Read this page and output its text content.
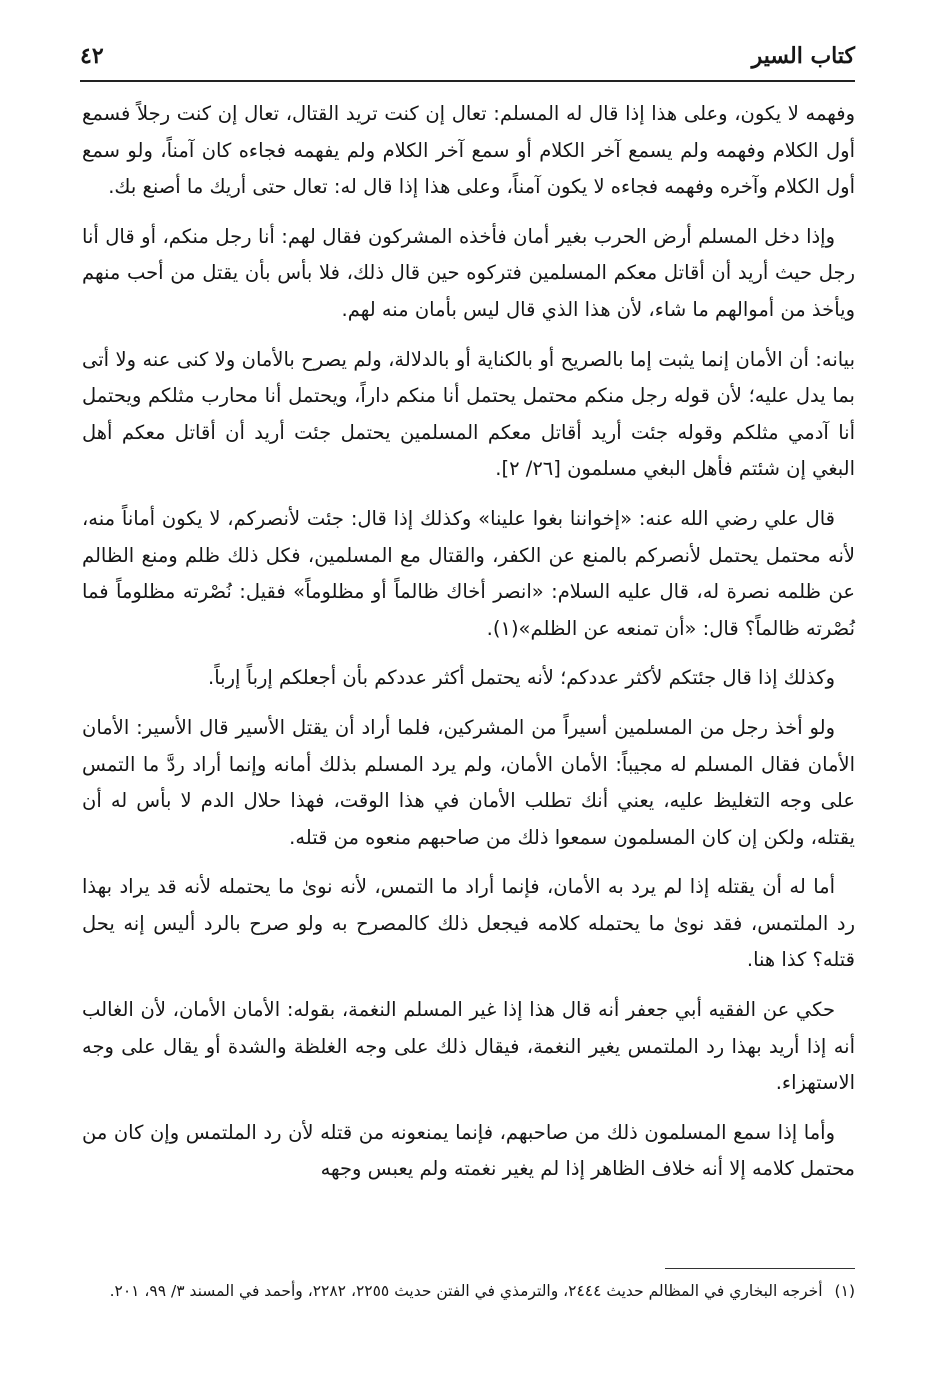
كتاب السير
٤٢

وفهمه لا يكون، وعلى هذا إذا قال له المسلم: تعال إن كنت تريد القتال، تعال إن كنت رجلاً فسمع أول الكلام وفهمه ولم يسمع آخر الكلام أو سمع آخر الكلام ولم يفهمه فجاءه كان آمناً، ولو سمع أول الكلام وآخره وفهمه فجاءه لا يكون آمناً، وعلى هذا إذا قال له: تعال حتى أريك ما أصنع بك.

وإذا دخل المسلم أرض الحرب بغير أمان فأخذه المشركون فقال لهم: أنا رجل منكم، أو قال أنا رجل حيث أريد أن أقاتل معكم المسلمين فتركوه حين قال ذلك، فلا بأس بأن يقتل من أحب منهم ويأخذ من أموالهم ما شاء، لأن هذا الذي قال ليس بأمان منه لهم.

بيانه: أن الأمان إنما يثبت إما بالصريح أو بالكناية أو بالدلالة، ولم يصرح بالأمان ولا كنى عنه ولا أتى بما يدل عليه؛ لأن قوله رجل منكم محتمل يحتمل أنا منكم داراً، ويحتمل أنا محارب مثلكم ويحتمل أنا آدمي مثلكم وقوله جئت أريد أقاتل معكم المسلمين يحتمل جئت أريد أن أقاتل معكم أهل البغي إن شئتم فأهل البغي مسلمون [٢٦/ ٢].

قال علي رضي الله عنه: «إخواننا بغوا علينا» وكذلك إذا قال: جئت لأنصركم، لا يكون أماناً منه، لأنه محتمل يحتمل لأنصركم بالمنع عن الكفر، والقتال مع المسلمين، فكل ذلك ظلم ومنع الظالم عن ظلمه نصرة له، قال عليه السلام: «انصر أخاك ظالماً أو مظلوماً» فقيل: نُصْرته مظلوماً فما نُصْرته ظالماً؟ قال: «أن تمنعه عن الظلم»(١).

وكذلك إذا قال جئتكم لأكثر عددكم؛ لأنه يحتمل أكثر عددكم بأن أجعلكم إرباً إرباً.

ولو أخذ رجل من المسلمين أسيراً من المشركين، فلما أراد أن يقتل الأسير قال الأسير: الأمان الأمان فقال المسلم له مجيباً: الأمان الأمان، ولم يرد المسلم بذلك أمانه وإنما أراد ردَّ ما التمس على وجه التغليظ عليه، يعني أنك تطلب الأمان في هذا الوقت، فهذا حلال الدم لا بأس له أن يقتله، ولكن إن كان المسلمون سمعوا ذلك من صاحبهم منعوه من قتله.

أما له أن يقتله إذا لم يرد به الأمان، فإنما أراد ما التمس، لأنه نوىٰ ما يحتمله لأنه قد يراد بهذا رد الملتمس، فقد نوىٰ ما يحتمله كلامه فيجعل ذلك كالمصرح به ولو صرح بالرد أليس إنه يحل قتله؟ كذا هنا.

حكي عن الفقيه أبي جعفر أنه قال هذا إذا غير المسلم النغمة، بقوله: الأمان الأمان، لأن الغالب أنه إذا أريد بهذا رد الملتمس يغير النغمة، فيقال ذلك على وجه الغلظة والشدة أو يقال على وجه الاستهزاء.

وأما إذا سمع المسلمون ذلك من صاحبهم، فإنما يمنعونه من قتله لأن رد الملتمس وإن كان من محتمل كلامه إلا أنه خلاف الظاهر إذا لم يغير نغمته ولم يعبس وجهه

(١)أخرجه البخاري في المظالم حديث ٢٤٤٤، والترمذي في الفتن حديث ٢٢٥٥، ٢٢٨٢، وأحمد في المسند ٣/ ٩٩، ٢٠١.
